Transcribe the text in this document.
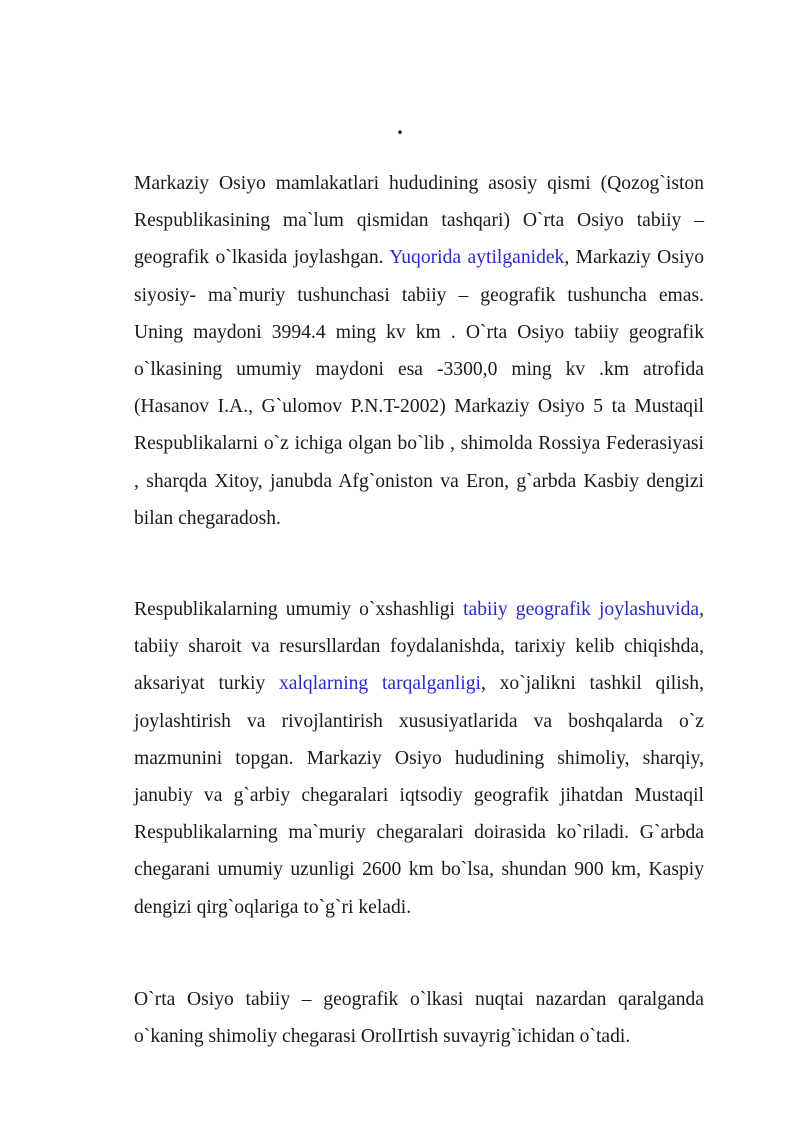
.

Markaziy Osiyo mamlakatlari hududining asosiy qismi (Qozog`iston Respublikasining ma`lum qismidan tashqari) O`rta Osiyo tabiiy – geografik o`lkasida joylashgan. Yuqorida aytilganidek, Markaziy Osiyo siyosiy- ma`muriy tushunchasi tabiiy – geografik tushuncha emas. Uning maydoni 3994.4 ming kv km . O`rta Osiyo tabiiy geografik o`lkasining umumiy maydoni esa -3300,0 ming kv .km atrofida (Hasanov I.A., G`ulomov P.N.T-2002) Markaziy Osiyo 5 ta Mustaqil Respublikalarni o`z ichiga olgan bo`lib , shimolda Rossiya Federasiyasi , sharqda Xitoy, janubda Afg`oniston va Eron, g`arbda Kasbiy dengizi bilan chegaradosh.

Respublikalarning umumiy o`xshashligi tabiiy geografik joylashuvida, tabiiy sharoit va resursllardan foydalanishda, tarixiy kelib chiqishda, aksariyat turkiy xalqlarning tarqalganligi, xo`jalikni tashkil qilish, joylashtirish va rivojlantirish xususiyatlarida va boshqalarda o`z mazmunini topgan. Markaziy Osiyo hududining shimoliy, sharqiy, janubiy va g`arbiy chegaralari iqtsodiy geografik jihatdan Mustaqil Respublikalarning ma`muriy chegaralari doirasida ko`riladi. G`arbda chegarani umumiy uzunligi 2600 km bo`lsa, shundan 900 km, Kaspiy dengizi qirg`oqlariga to`g`ri keladi.

O`rta Osiyo tabiiy – geografik o`lkasi nuqtai nazardan qaralganda o`kaning shimoliy chegarasi OrolIrtish suvayrig`ichidan o`tadi.
